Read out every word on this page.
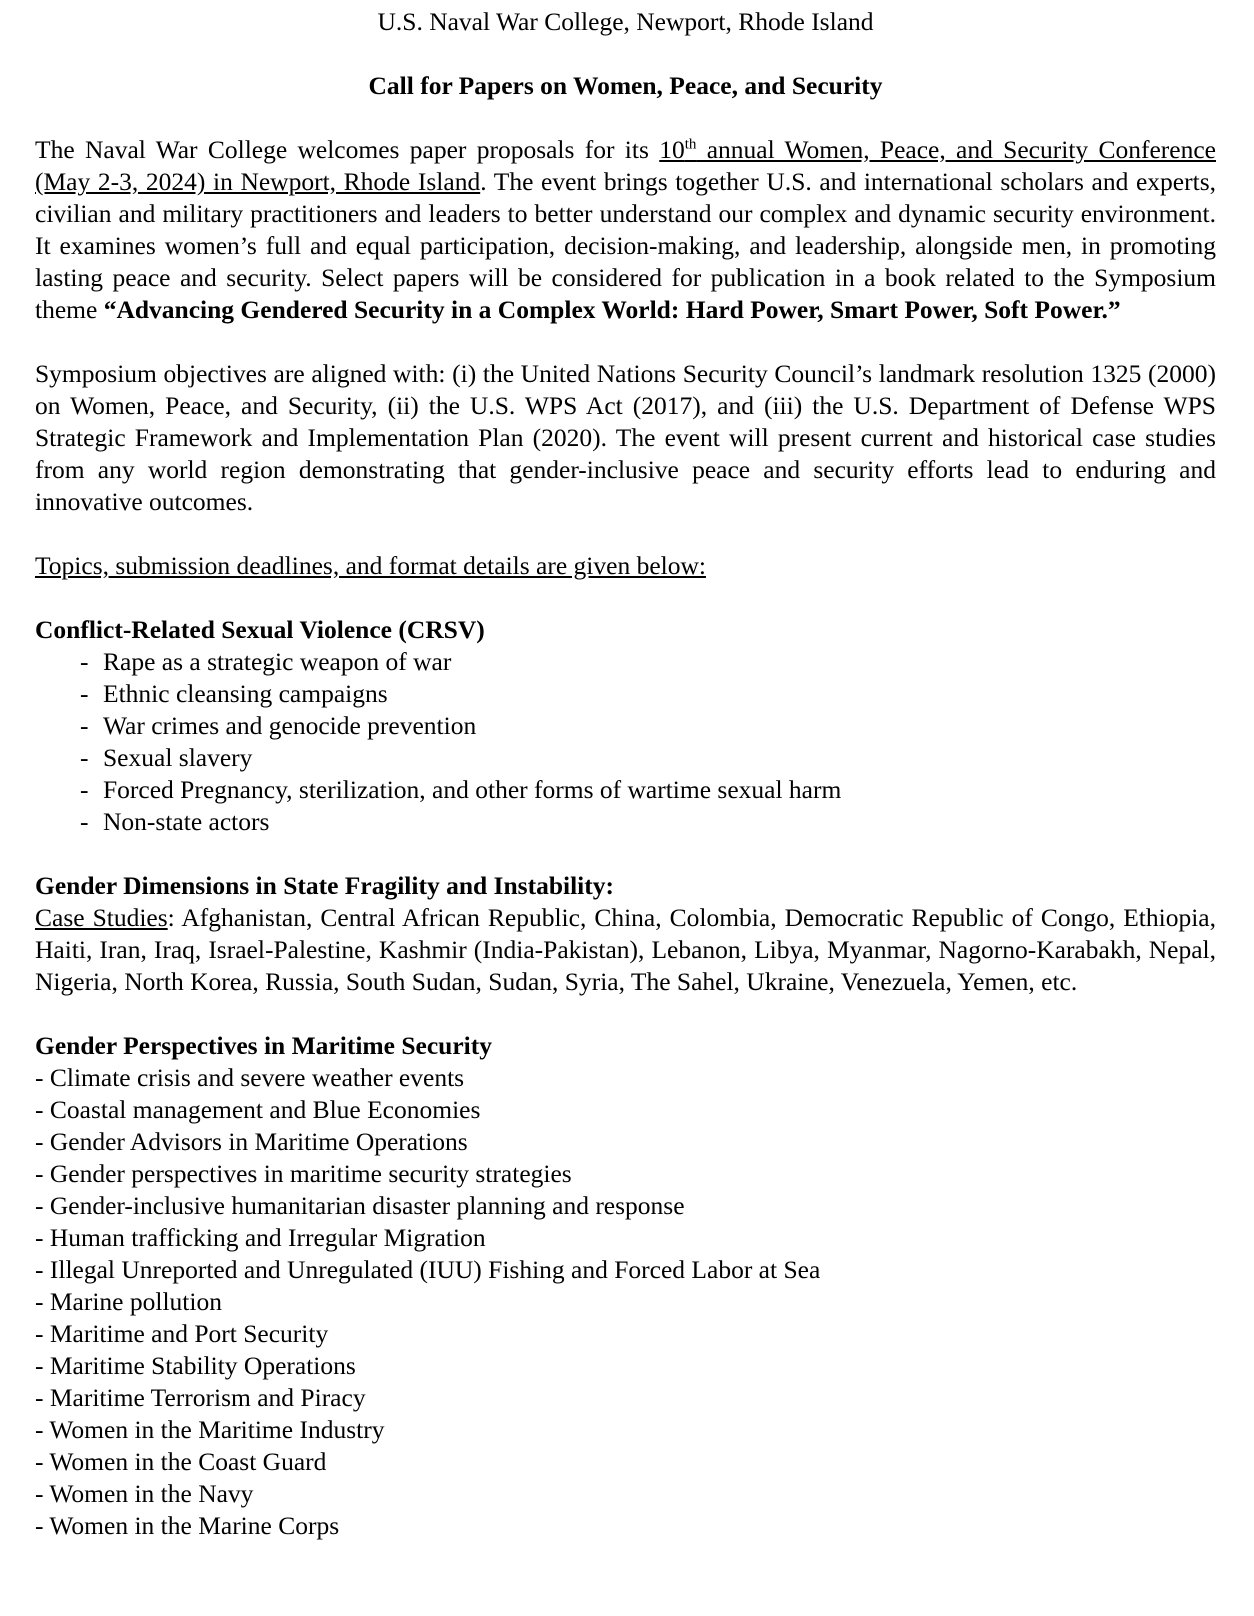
U.S. Naval War College, Newport, Rhode Island
Call for Papers on Women, Peace, and Security

The Naval War College welcomes paper proposals for its 10th annual Women, Peace, and Security Conference (May 2-3, 2024) in Newport, Rhode Island. The event brings together U.S. and international scholars and experts, civilian and military practitioners and leaders to better understand our complex and dynamic security environment. It examines women’s full and equal participation, decision-making, and leadership, alongside men, in promoting lasting peace and security. Select papers will be considered for publication in a book related to the Symposium theme “Advancing Gendered Security in a Complex World: Hard Power, Smart Power, Soft Power.”

Symposium objectives are aligned with: (i) the United Nations Security Council’s landmark resolution 1325 (2000) on Women, Peace, and Security, (ii) the U.S. WPS Act (2017), and (iii) the U.S. Department of Defense WPS Strategic Framework and Implementation Plan (2020). The event will present current and historical case studies from any world region demonstrating that gender-inclusive peace and security efforts lead to enduring and innovative outcomes.

Topics, submission deadlines, and format details are given below:

Conflict-Related Sexual Violence (CRSV)
- Rape as a strategic weapon of war
- Ethnic cleansing campaigns
- War crimes and genocide prevention
- Sexual slavery
- Forced Pregnancy, sterilization, and other forms of wartime sexual harm
- Non-state actors
Gender Dimensions in State Fragility and Instability:

Case Studies: Afghanistan, Central African Republic, China, Colombia, Democratic Republic of Congo, Ethiopia, Haiti, Iran, Iraq, Israel-Palestine, Kashmir (India-Pakistan), Lebanon, Libya, Myanmar, Nagorno-Karabakh, Nepal, Nigeria, North Korea, Russia, South Sudan, Sudan, Syria, The Sahel, Ukraine, Venezuela, Yemen, etc.

Gender Perspectives in Maritime Security
- Climate crisis and severe weather events
- Coastal management and Blue Economies
- Gender Advisors in Maritime Operations
- Gender perspectives in maritime security strategies
- Gender-inclusive humanitarian disaster planning and response
- Human trafficking and Irregular Migration
- Illegal Unreported and Unregulated (IUU) Fishing and Forced Labor at Sea
- Marine pollution
- Maritime and Port Security
- Maritime Stability Operations
- Maritime Terrorism and Piracy
- Women in the Maritime Industry
- Women in the Coast Guard
- Women in the Navy
- Women in the Marine Corps
